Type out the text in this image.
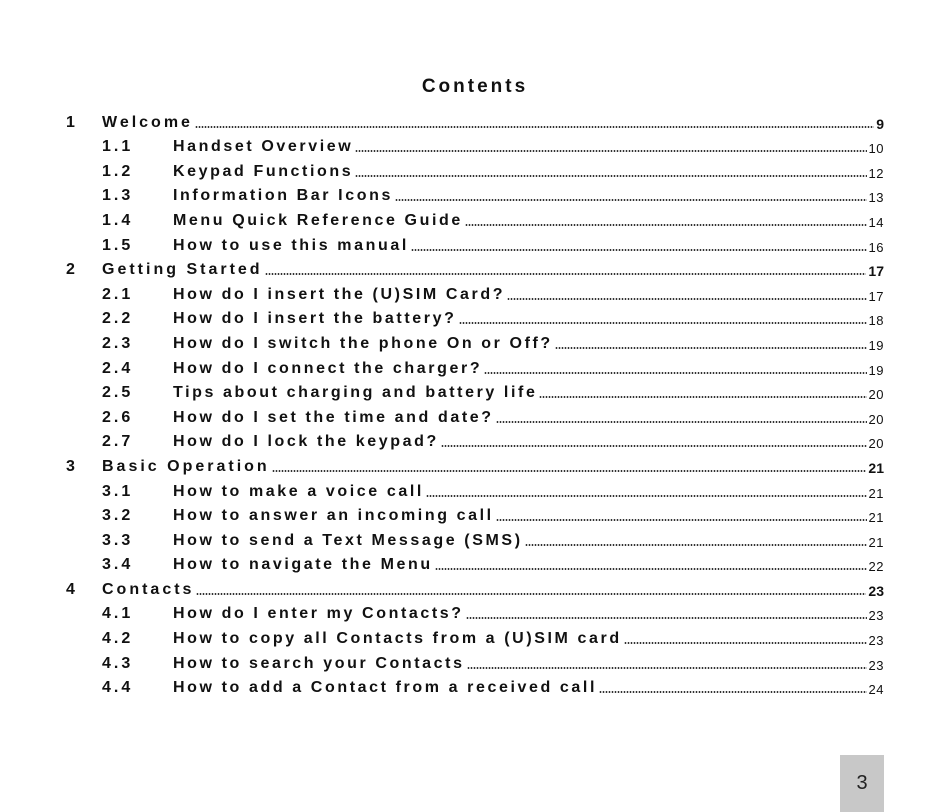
Contents
1	Welcome	9
1.1	Handset Overview	10
1.2	Keypad Functions	12
1.3	Information Bar Icons	13
1.4	Menu Quick Reference Guide	14
1.5	How to use this manual	16
2	Getting Started	17
2.1	How do I insert the (U)SIM Card?	17
2.2	How do I insert the battery?	18
2.3	How do I switch the phone On or Off?	19
2.4	How do I connect the charger?	19
2.5	Tips about charging and battery life	20
2.6	How do I set the time and date?	20
2.7	How do I lock the keypad?	20
3	Basic Operation	21
3.1	How to make a voice call	21
3.2	How to answer an incoming call	21
3.3	How to send a Text Message (SMS)	21
3.4	How to navigate the Menu	22
4	Contacts	23
4.1	How do I enter my Contacts?	23
4.2	How to copy all Contacts from a (U)SIM card	23
4.3	How to search your Contacts	23
4.4	How to add a Contact from a received call	24
3
